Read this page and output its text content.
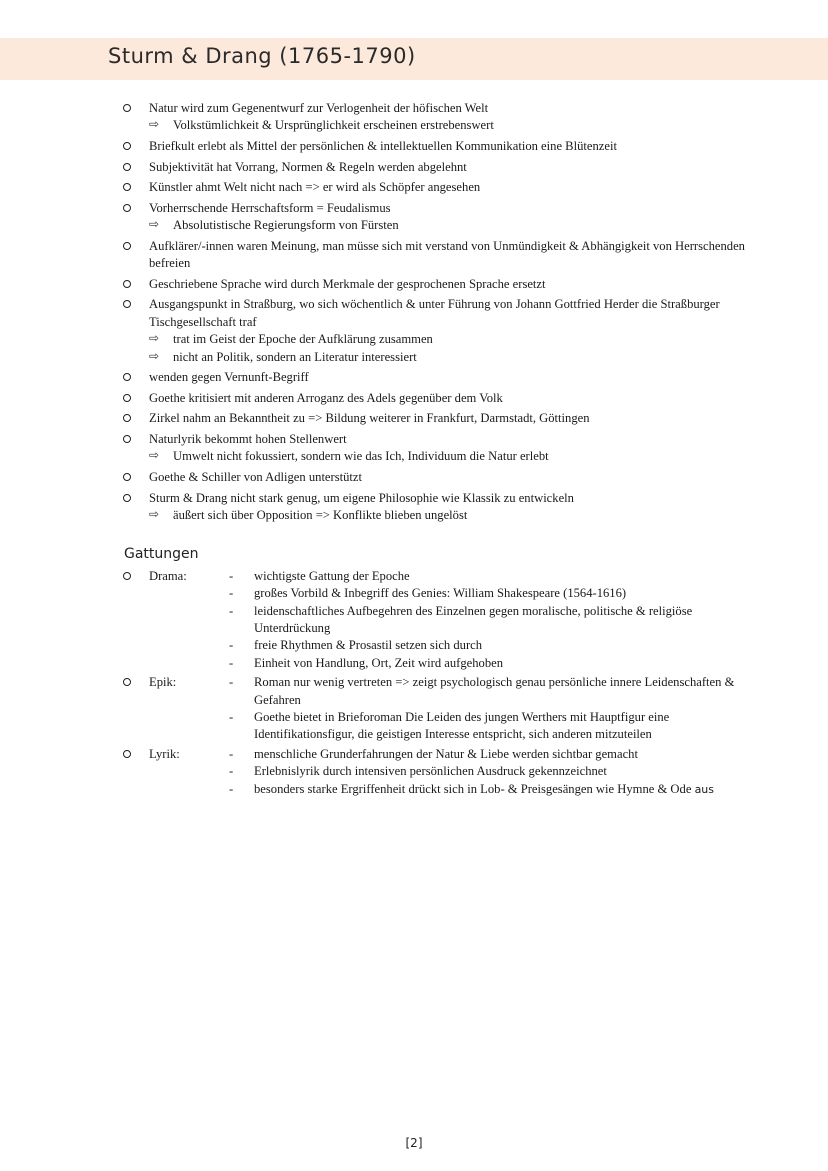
Sturm & Drang (1765-1790)
Natur wird zum Gegenentwurf zur Verlogenheit der höfischen Welt
⇨ Volkstümlichkeit & Ursprünglichkeit erscheinen erstrebenswert
Briefkult erlebt als Mittel der persönlichen & intellektuellen Kommunikation eine Blütenzeit
Subjektivität hat Vorrang, Normen & Regeln werden abgelehnt
Künstler ahmt Welt nicht nach => er wird als Schöpfer angesehen
Vorherrschende Herrschaftsform = Feudalismus
⇨ Absolutistische Regierungsform von Fürsten
Aufklärer/-innen waren Meinung, man müsse sich mit verstand von Unmündigkeit & Abhängigkeit von Herrschenden befreien
Geschriebene Sprache wird durch Merkmale der gesprochenen Sprache ersetzt
Ausgangspunkt in Straßburg, wo sich wöchentlich & unter Führung von Johann Gottfried Herder die Straßburger Tischgesellschaft traf
⇨ trat im Geist der Epoche der Aufklärung zusammen
⇨ nicht an Politik, sondern an Literatur interessiert
wenden gegen Vernunft-Begriff
Goethe kritisiert mit anderen Arroganz des Adels gegenüber dem Volk
Zirkel nahm an Bekanntheit zu => Bildung weiterer in Frankfurt, Darmstadt, Göttingen
Naturlyrik bekommt hohen Stellenwert
⇨ Umwelt nicht fokussiert, sondern wie das Ich, Individuum die Natur erlebt
Goethe & Schiller von Adligen unterstützt
Sturm & Drang nicht stark genug, um eigene Philosophie wie Klassik zu entwickeln
⇨ äußert sich über Opposition => Konflikte blieben ungelöst
Gattungen
Drama:	- wichtigste Gattung der Epoche
- großes Vorbild & Inbegriff des Genies: William Shakespeare (1564-1616)
- leidenschaftliches Aufbegehren des Einzelnen gegen moralische, politische & religiöse Unterdrückung
- freie Rhythmen & Prosastil setzen sich durch
- Einheit von Handlung, Ort, Zeit wird aufgehoben
Epik:	- Roman nur wenig vertreten => zeigt psychologisch genau persönliche innere Leidenschaften & Gefahren
- Goethe bietet in Brieforoman Die Leiden des jungen Werthers mit Hauptfigur eine Identifikationsfigur, die geistigen Interesse entspricht, sich anderen mitzuteilen
Lyrik:	- menschliche Grunderfahrungen der Natur & Liebe werden sichtbar gemacht
- Erlebnislyrik durch intensiven persönlichen Ausdruck gekennzeichnet
- besonders starke Ergriffenheit drückt sich in Lob- & Preisgesängen wie Hymne & Ode aus
[2]
